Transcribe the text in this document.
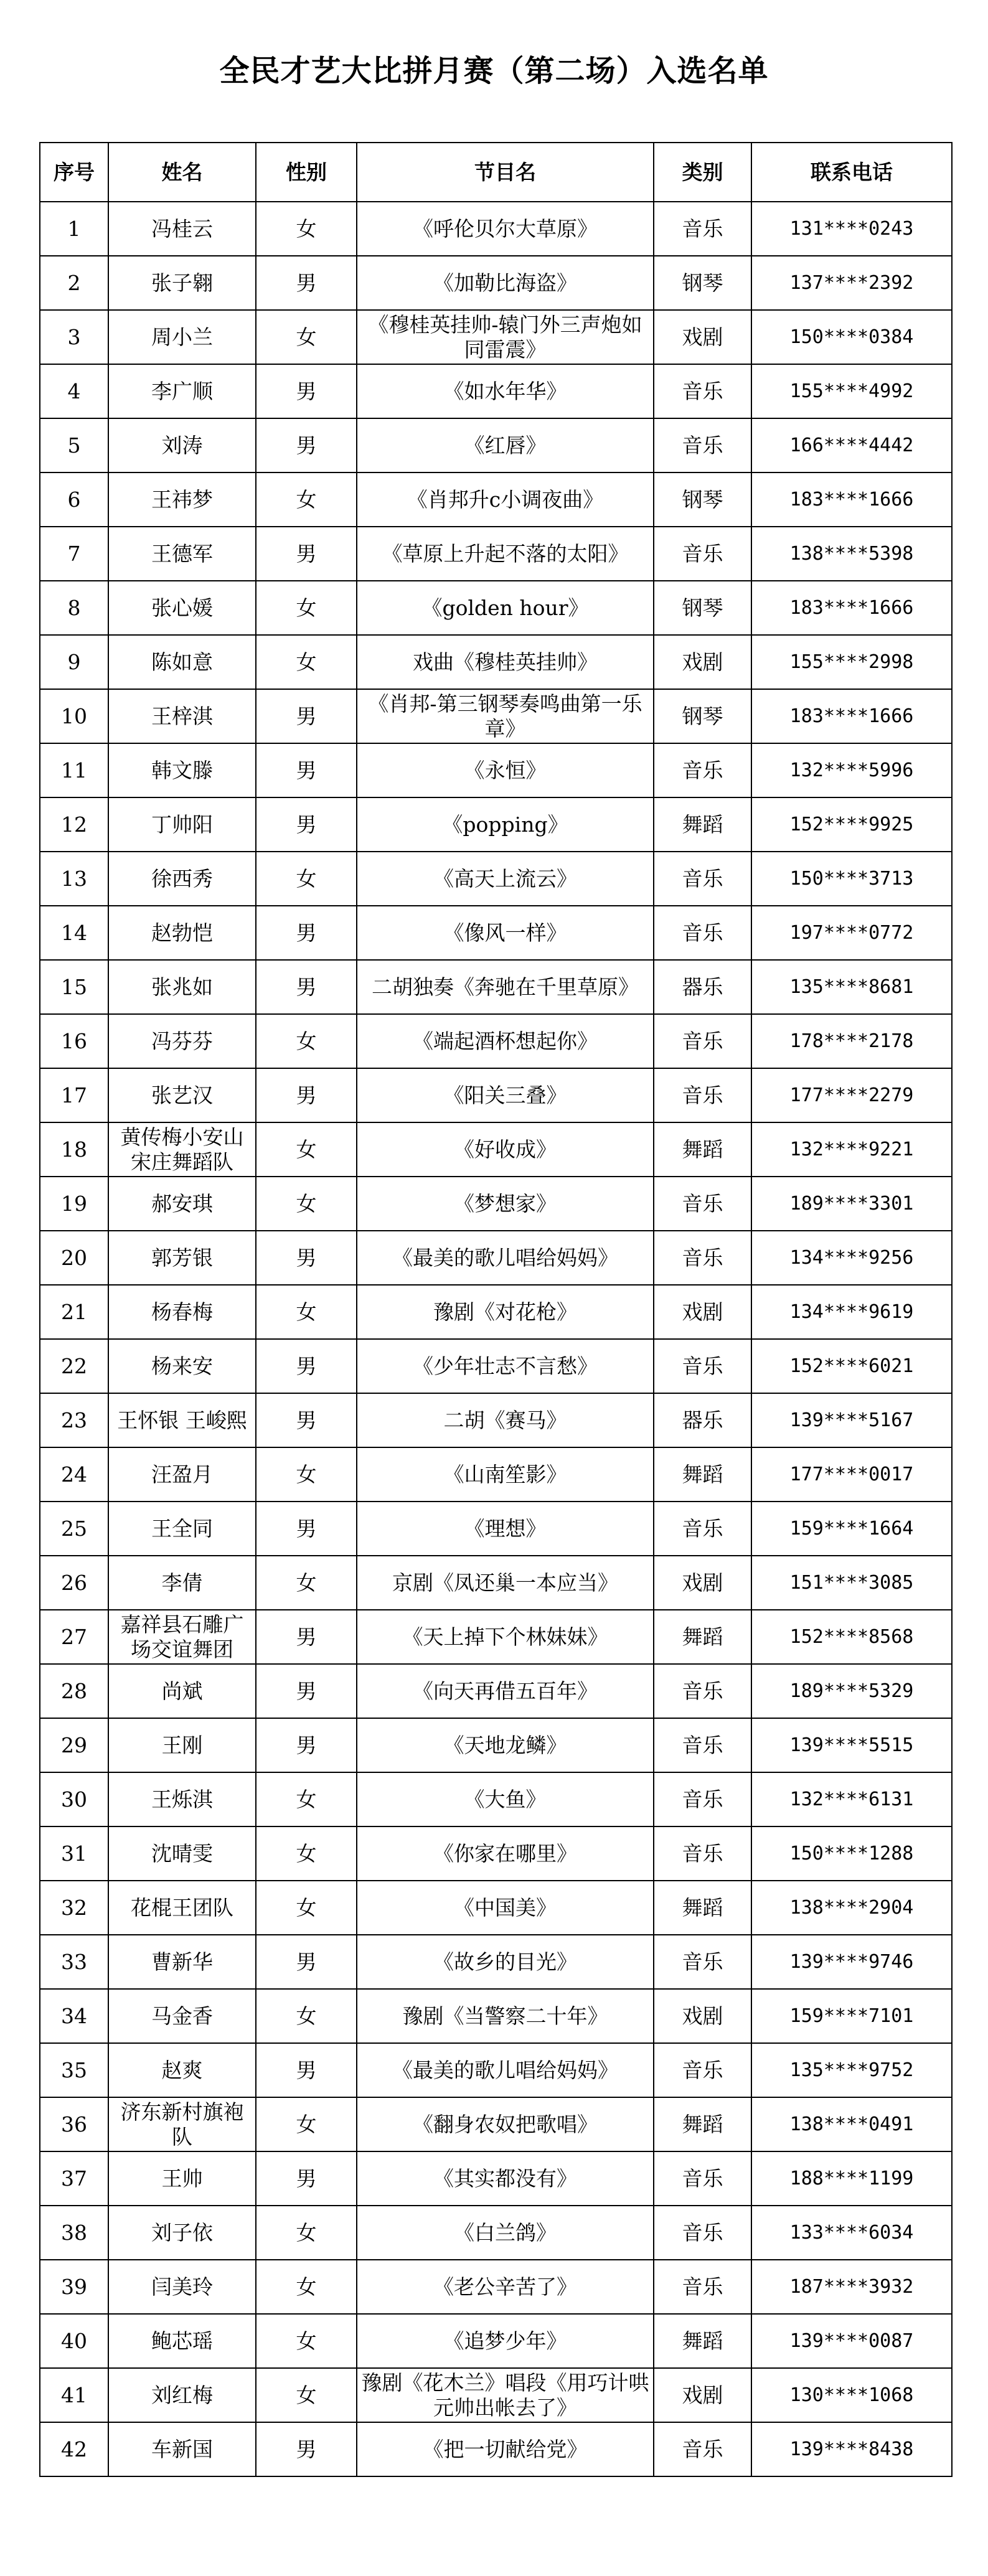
全民才艺大比拼月赛（第二场）入选名单
序号	姓名	性别	节目名	类别	联系电话
1	冯桂云	女	《呼伦贝尔大草原》	音乐	131****0243
2	张子翱	男	《加勒比海盗》	钢琴	137****2392
3	周小兰	女	《穆桂英挂帅-辕门外三声炮如同雷震》	戏剧	150****0384
4	李广顺	男	《如水年华》	音乐	155****4992
5	刘涛	男	《红唇》	音乐	166****4442
6	王祎梦	女	《肖邦升c小调夜曲》	钢琴	183****1666
7	王德军	男	《草原上升起不落的太阳》	音乐	138****5398
8	张心媛	女	《golden hour》	钢琴	183****1666
9	陈如意	女	戏曲《穆桂英挂帅》	戏剧	155****2998
10	王梓淇	男	《肖邦-第三钢琴奏鸣曲第一乐章》	钢琴	183****1666
11	韩文滕	男	《永恒》	音乐	132****5996
12	丁帅阳	男	《popping》	舞蹈	152****9925
13	徐西秀	女	《高天上流云》	音乐	150****3713
14	赵勃恺	男	《像风一样》	音乐	197****0772
15	张兆如	男	二胡独奏《奔驰在千里草原》	器乐	135****8681
16	冯芬芬	女	《端起酒杯想起你》	音乐	178****2178
17	张艺汉	男	《阳关三叠》	音乐	177****2279
18	黄传梅小安山宋庄舞蹈队	女	《好收成》	舞蹈	132****9221
19	郝安琪	女	《梦想家》	音乐	189****3301
20	郭芳银	男	《最美的歌儿唱给妈妈》	音乐	134****9256
21	杨春梅	女	豫剧《对花枪》	戏剧	134****9619
22	杨来安	男	《少年壮志不言愁》	音乐	152****6021
23	王怀银 王峻熙	男	二胡《赛马》	器乐	139****5167
24	汪盈月	女	《山南笙影》	舞蹈	177****0017
25	王全同	男	《理想》	音乐	159****1664
26	李倩	女	京剧《凤还巢一本应当》	戏剧	151****3085
27	嘉祥县石雕广场交谊舞团	男	《天上掉下个林妹妹》	舞蹈	152****8568
28	尚斌	男	《向天再借五百年》	音乐	189****5329
29	王刚	男	《天地龙鳞》	音乐	139****5515
30	王烁淇	女	《大鱼》	音乐	132****6131
31	沈晴雯	女	《你家在哪里》	音乐	150****1288
32	花棍王团队	女	《中国美》	舞蹈	138****2904
33	曹新华	男	《故乡的目光》	音乐	139****9746
34	马金香	女	豫剧《当警察二十年》	戏剧	159****7101
35	赵爽	男	《最美的歌儿唱给妈妈》	音乐	135****9752
36	济东新村旗袍队	女	《翻身农奴把歌唱》	舞蹈	138****0491
37	王帅	男	《其实都没有》	音乐	188****1199
38	刘子依	女	《白兰鸽》	音乐	133****6034
39	闫美玲	女	《老公辛苦了》	音乐	187****3932
40	鲍芯瑶	女	《追梦少年》	舞蹈	139****0087
41	刘红梅	女	豫剧《花木兰》唱段《用巧计哄元帅出帐去了》	戏剧	130****1068
42	车新国	男	《把一切献给党》	音乐	139****8438
